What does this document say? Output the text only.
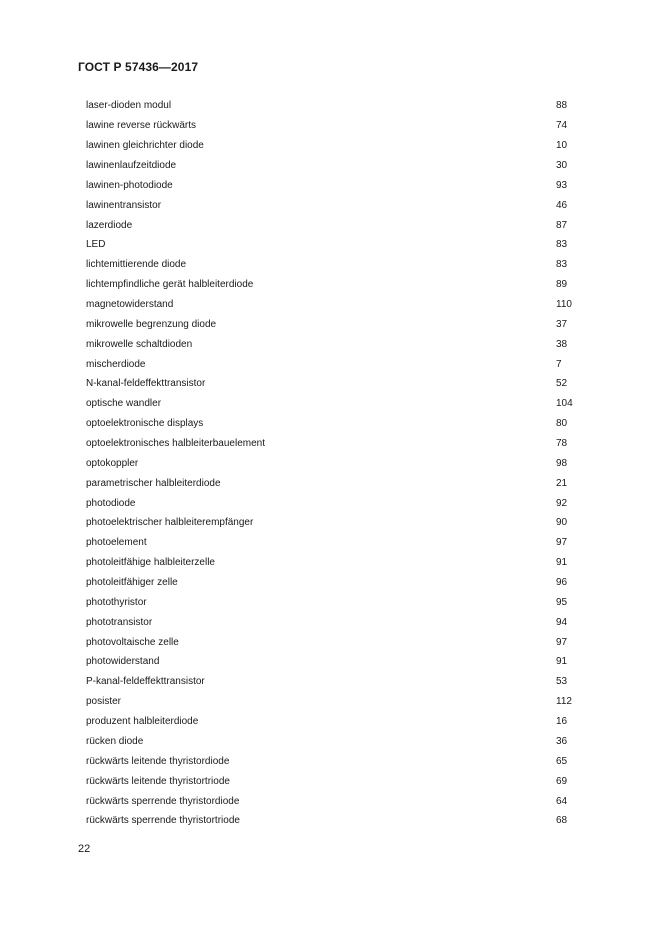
ГОСТ Р 57436—2017
laser-dioden modul	88
lawine reverse rückwärts	74
lawinen gleichrichter diode	10
lawinenlaufzeitdiode	30
lawinen-photodiode	93
lawinentransistor	46
lazerdiode	87
LED	83
lichtemittierende diode	83
lichtempfindliche gerät halbleiterdiode	89
magnetowiderstand	110
mikrowelle begrenzung diode	37
mikrowelle schaltdioden	38
mischerdiode	7
N-kanal-feldeffekttransistor	52
optische wandler	104
optoelektronische displays	80
optoelektronisches halbleiterbauelement	78
optokoppler	98
parametrischer halbleiterdiode	21
photodiode	92
photoelektrischer halbleiterempfänger	90
photoelement	97
photoleitfähige halbleiterzelle	91
photoleitfähiger zelle	96
photothyristor	95
phototransistor	94
photovoltaische zelle	97
photowiderstand	91
P-kanal-feldeffekttransistor	53
posister	112
produzent halbleiterdiode	16
rücken diode	36
rückwärts leitende thyristordiode	65
rückwärts leitende thyristortriode	69
rückwärts sperrende thyristordiode	64
rückwärts sperrende thyristortriode	68
22
